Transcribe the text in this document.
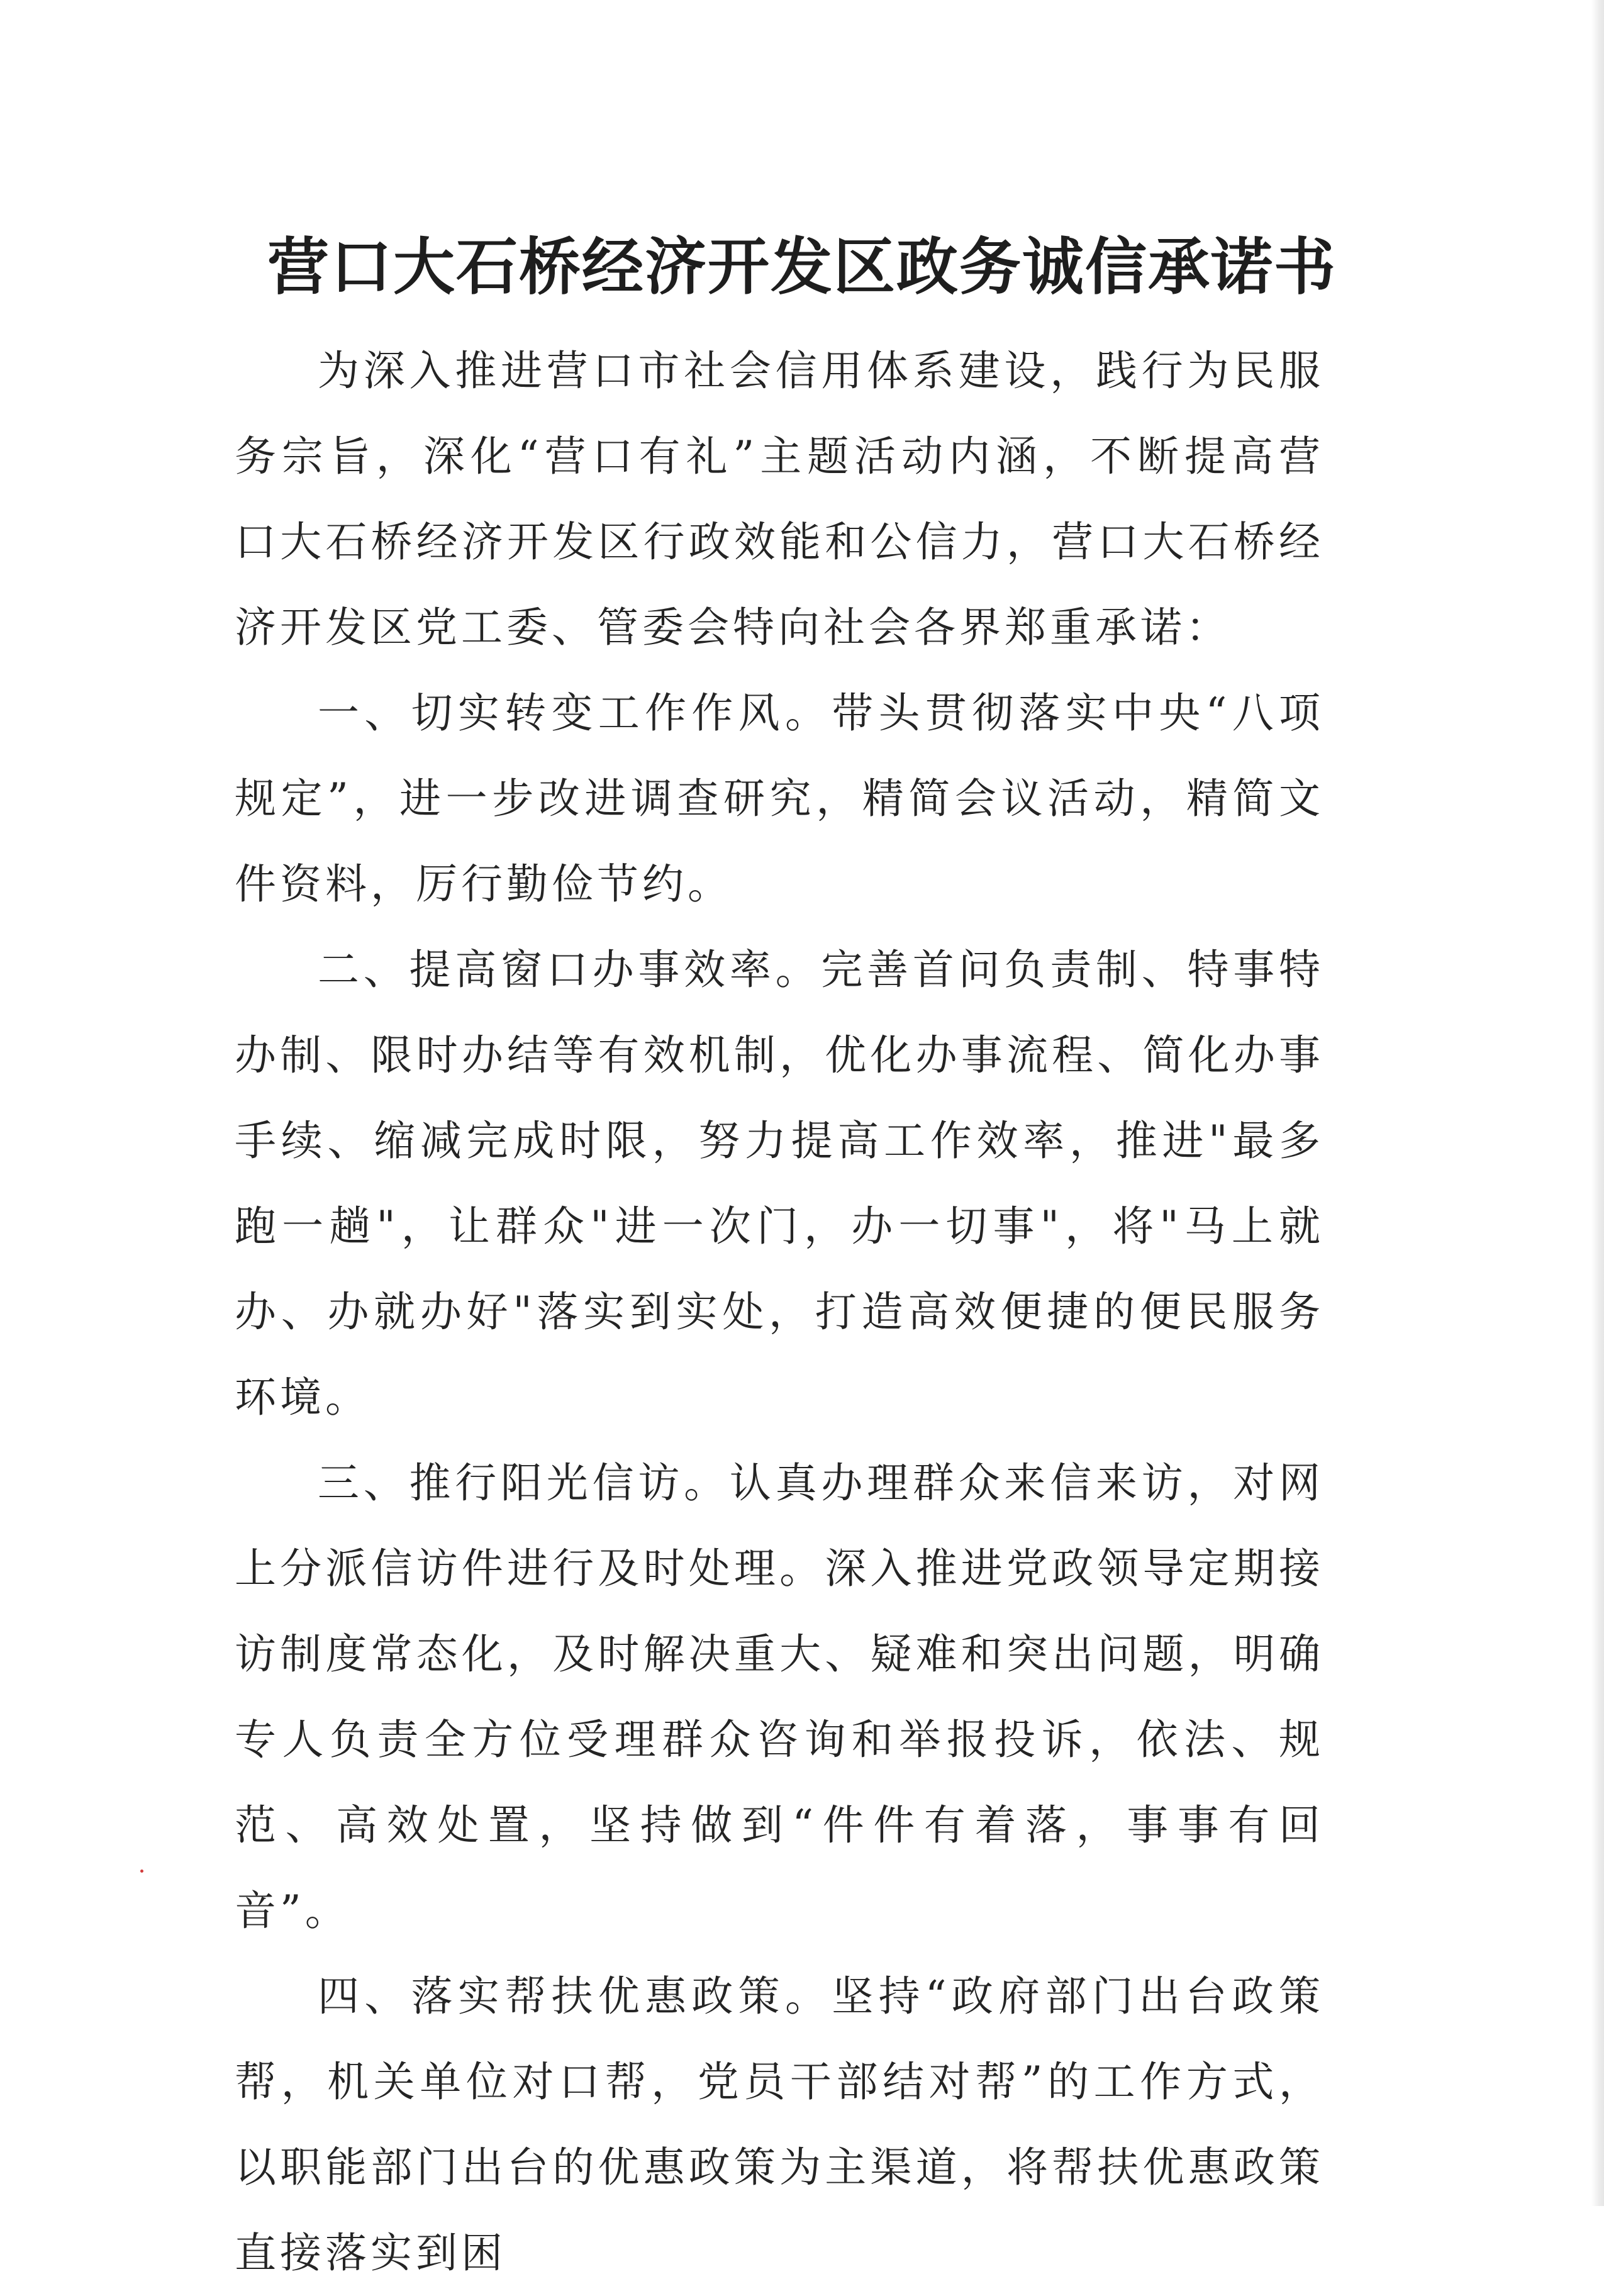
营口大石桥经济开发区政务诚信承诺书

为深入推进营口市社会信用体系建设，践行为民服务宗旨，深化“营口有礼”主题活动内涵，不断提高营口大石桥经济开发区行政效能和公信力，营口大石桥经济开发区党工委、管委会特向社会各界郑重承诺：

一、切实转变工作作风。带头贯彻落实中央“八项规定”，进一步改进调查研究，精简会议活动，精简文件资料，厉行勤俭节约。

二、提高窗口办事效率。完善首问负责制、特事特办制、限时办结等有效机制，优化办事流程、简化办事手续、缩减完成时限，努力提高工作效率，推进"最多跑一趟"，让群众"进一次门，办一切事"，将"马上就办、办就办好"落实到实处，打造高效便捷的便民服务环境。

三、推行阳光信访。认真办理群众来信来访，对网上分派信访件进行及时处理。深入推进党政领导定期接访制度常态化，及时解决重大、疑难和突出问题，明确专人负责全方位受理群众咨询和举报投诉，依法、规范、高效处置，坚持做到“件件有着落，事事有回音”。

四、落实帮扶优惠政策。坚持“政府部门出台政策帮，机关单位对口帮，党员干部结对帮”的工作方式，以职能部门出台的优惠政策为主渠道，将帮扶优惠政策直接落实到困
